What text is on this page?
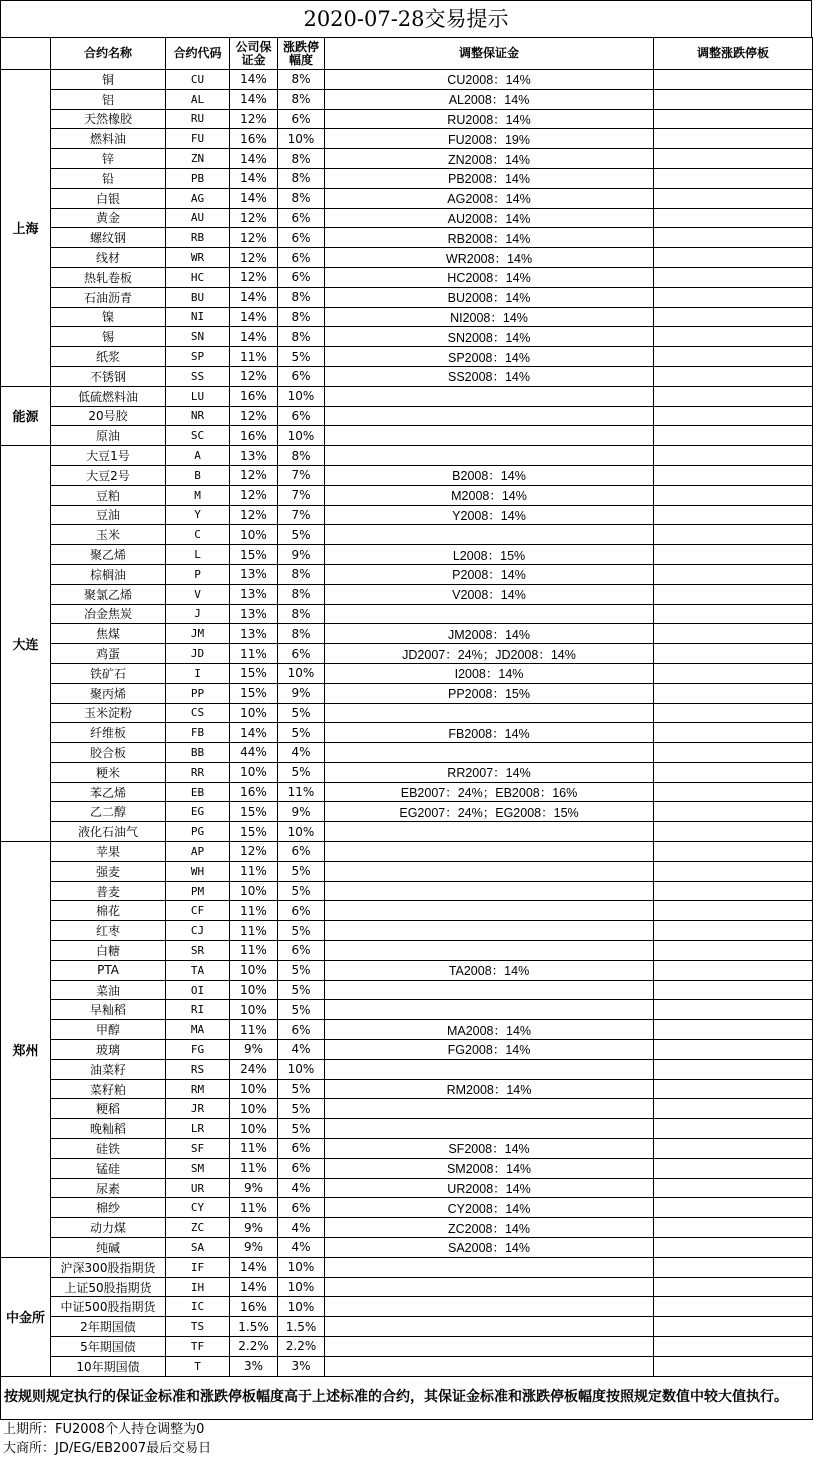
2020-07-28交易提示
	合约名称	合约代码	公司保证金	涨跌停幅度	调整保证金	调整涨跌停板
上海	铜	CU	14%	8%	CU2008：14%	
	铝	AL	14%	8%	AL2008：14%	
	天然橡胶	RU	12%	6%	RU2008：14%	
	燃料油	FU	16%	10%	FU2008：19%	
	锌	ZN	14%	8%	ZN2008：14%	
	铅	PB	14%	8%	PB2008：14%	
	白银	AG	14%	8%	AG2008：14%	
	黄金	AU	12%	6%	AU2008：14%	
	螺纹钢	RB	12%	6%	RB2008：14%	
	线材	WR	12%	6%	WR2008：14%	
	热轧卷板	HC	12%	6%	HC2008：14%	
	石油沥青	BU	14%	8%	BU2008：14%	
	镍	NI	14%	8%	NI2008：14%	
	锡	SN	14%	8%	SN2008：14%	
	纸浆	SP	11%	5%	SP2008：14%	
	不锈钢	SS	12%	6%	SS2008：14%	
能源	低硫燃料油	LU	16%	10%		
	20号胶	NR	12%	6%		
	原油	SC	16%	10%		
大连	大豆1号	A	13%	8%		
	大豆2号	B	12%	7%	B2008：14%	
	豆粕	M	12%	7%	M2008：14%	
	豆油	Y	12%	7%	Y2008：14%	
	玉米	C	10%	5%		
	聚乙烯	L	15%	9%	L2008：15%	
	棕榈油	P	13%	8%	P2008：14%	
	聚氯乙烯	V	13%	8%	V2008：14%	
	冶金焦炭	J	13%	8%		
	焦煤	JM	13%	8%	JM2008：14%	
	鸡蛋	JD	11%	6%	JD2007：24%；JD2008：14%	
	铁矿石	I	15%	10%	I2008：14%	
	聚丙烯	PP	15%	9%	PP2008：15%	
	玉米淀粉	CS	10%	5%		
	纤维板	FB	14%	5%	FB2008：14%	
	胶合板	BB	44%	4%		
	粳米	RR	10%	5%	RR2007：14%	
	苯乙烯	EB	16%	11%	EB2007：24%；EB2008：16%	
	乙二醇	EG	15%	9%	EG2007：24%；EG2008：15%	
	液化石油气	PG	15%	10%		
郑州	苹果	AP	12%	6%		
	强麦	WH	11%	5%		
	普麦	PM	10%	5%		
	棉花	CF	11%	6%		
	红枣	CJ	11%	5%		
	白糖	SR	11%	6%		
	PTA	TA	10%	5%	TA2008：14%	
	菜油	OI	10%	5%		
	早籼稻	RI	10%	5%		
	甲醇	MA	11%	6%	MA2008：14%	
	玻璃	FG	9%	4%	FG2008：14%	
	油菜籽	RS	24%	10%		
	菜籽粕	RM	10%	5%	RM2008：14%	
	粳稻	JR	10%	5%		
	晚籼稻	LR	10%	5%		
	硅铁	SF	11%	6%	SF2008：14%	
	锰硅	SM	11%	6%	SM2008：14%	
	尿素	UR	9%	4%	UR2008：14%	
	棉纱	CY	11%	6%	CY2008：14%	
	动力煤	ZC	9%	4%	ZC2008：14%	
	纯碱	SA	9%	4%	SA2008：14%	
中金所	沪深300股指期货	IF	14%	10%		
	上证50股指期货	IH	14%	10%		
	中证500股指期货	IC	16%	10%		
	2年期国债	TS	1.5%	1.5%		
	5年期国债	TF	2.2%	2.2%		
	10年期国债	T	3%	3%		
按规则规定执行的保证金标准和涨跌停板幅度高于上述标准的合约，其保证金标准和涨跌停板幅度按照规定数值中较大值执行。						
上期所：FU2008个人持仓调整为0
大商所：JD/EG/EB2007最后交易日
